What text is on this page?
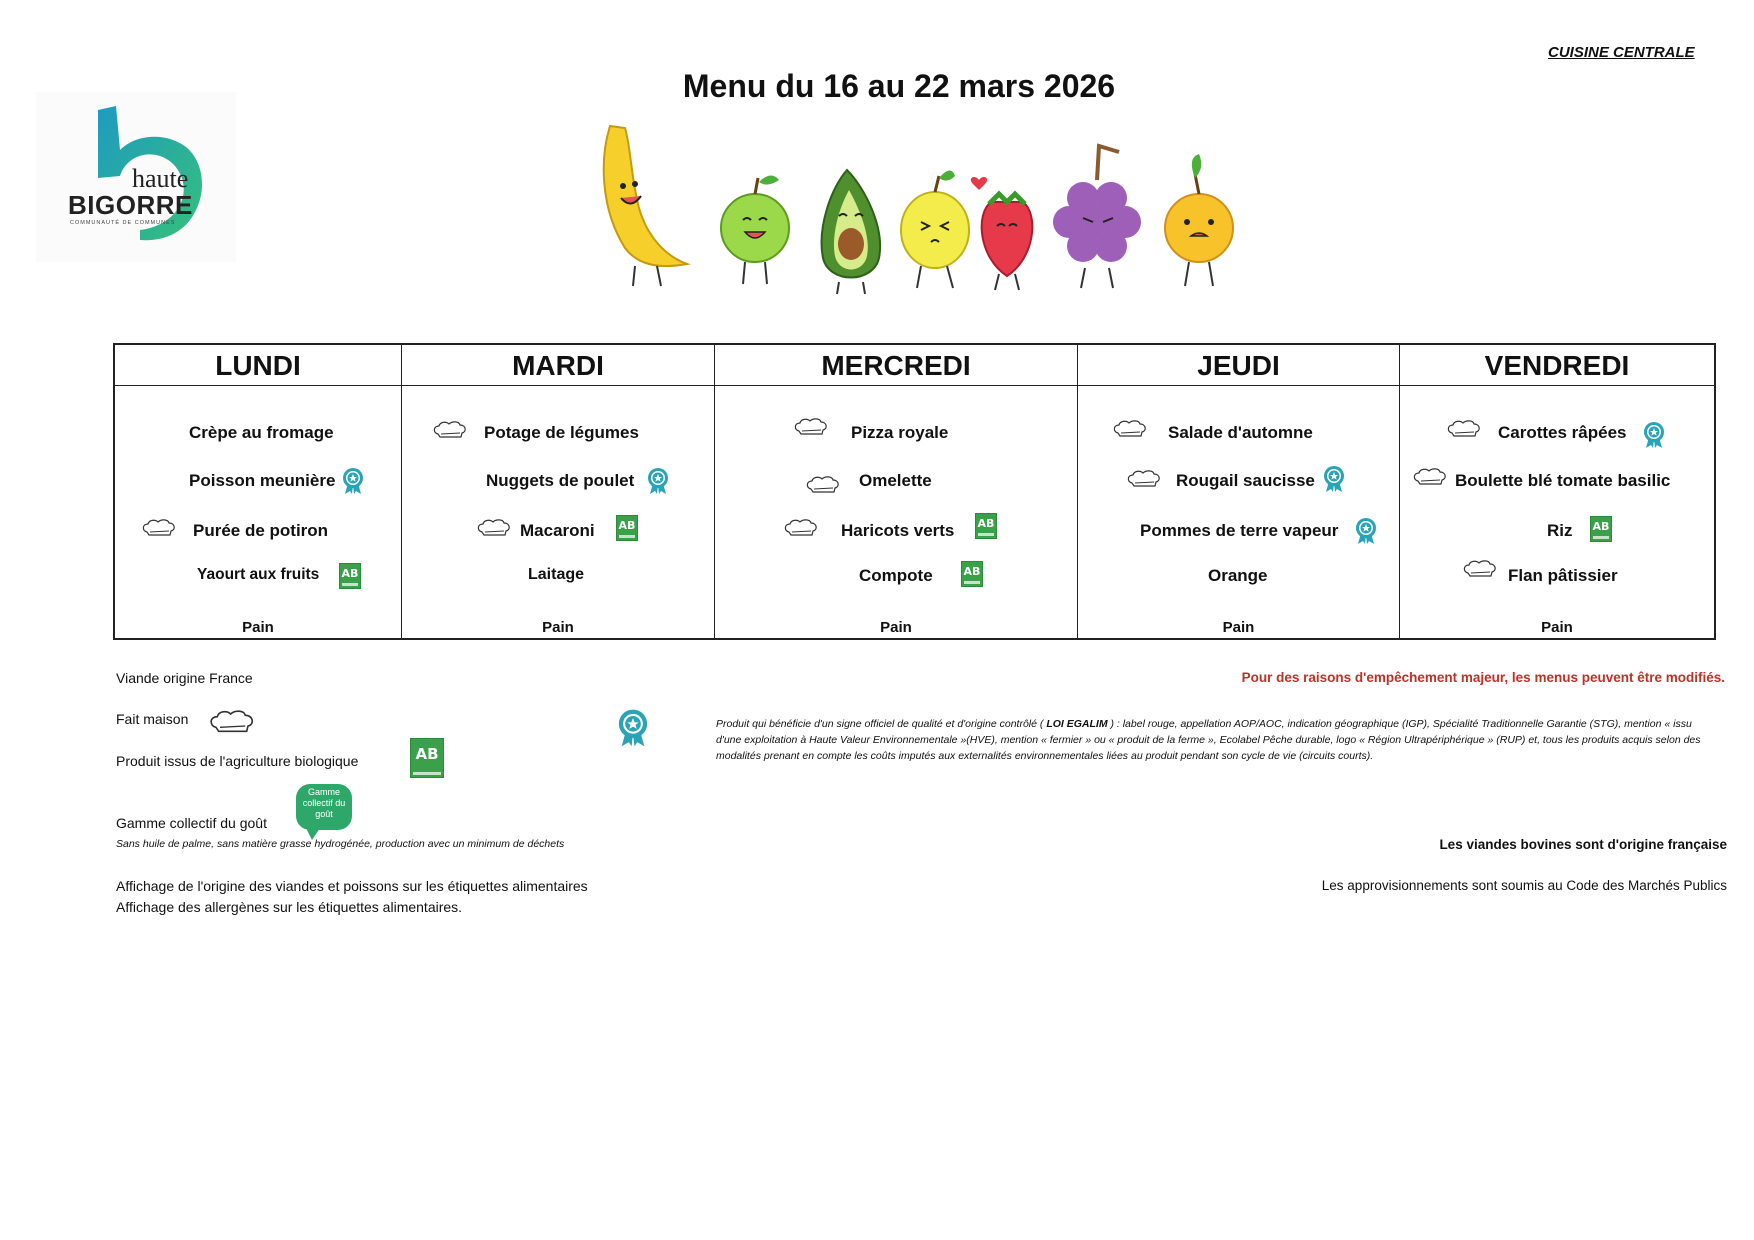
CUISINE CENTRALE
Menu du 16 au 22 mars 2026
haute
BIGORRE
COMMUNAUTÉ DE COMMUNES
LUNDI
Crèpe au fromage
Poisson meunière
Purée de potiron
Yaourt aux fruits AB
Pain
MARDI
Potage de légumes
Nuggets de poulet
Macaroni AB
Laitage
Pain
MERCREDI
Pizza royale
Omelette
Haricots verts AB
Compote	AB
Pain
JEUDI
Salade d'automne
Rougail saucisse
Pommes de terre vapeur
Orange
Pain
VENDREDI
Carottes râpées
Boulette blé tomate basilic
Riz AB
Flan pâtissier
Pain
Viande origine France
Fait maison
Produit issus de l'agriculture biologique	AB
Gamme collectif du goût
Gamme collectif du goût
Sans huile de palme, sans matière grasse hydrogénée, production avec un minimum de déchets
Affichage de l'origine des viandes et poissons sur les étiquettes alimentaires
Affichage des allergènes sur les étiquettes alimentaires.
Pour des raisons d'empêchement majeur, les menus peuvent être modifiés.
Produit qui bénéficie d'un signe officiel de qualité et d'origine contrôlé ( LOI EGALIM ) : label rouge, appellation AOP/AOC, indication géographique (IGP), Spécialité Traditionnelle Garantie (STG), mention « issu d'une exploitation à Haute Valeur Environnementale »(HVE), mention « fermier » ou « produit de la ferme », Ecolabel Pêche durable, logo « Région Ultrapériphérique » (RUP) et, tous les produits acquis selon des modalités prenant en compte les coûts imputés aux externalités environnementales liées au produit pendant son cycle de vie (circuits courts).
Les viandes bovines sont d'origine française
Les approvisionnements sont soumis au Code des Marchés Publics
